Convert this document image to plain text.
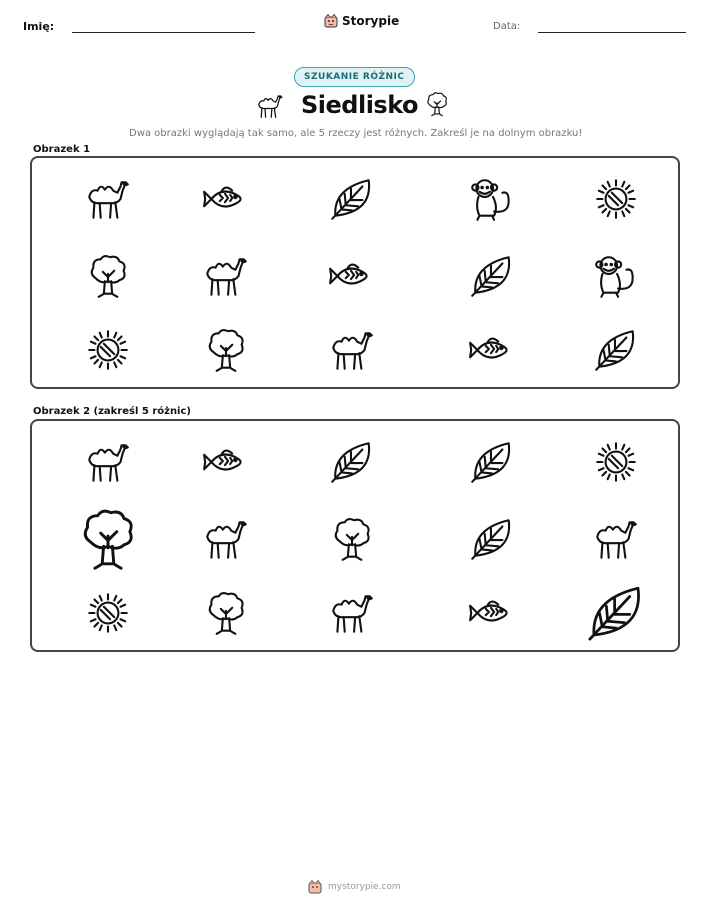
Imię:	Storypie	Data:
SZUKANIE RÓŻNIC
Siedlisko
Dwa obrazki wyglądają tak samo, ale 5 rzeczy jest różnych. Zakreśl je na dolnym obrazku!
Obrazek 1
Obrazek 2 (zakreśl 5 różnic)
mystorypie.com
